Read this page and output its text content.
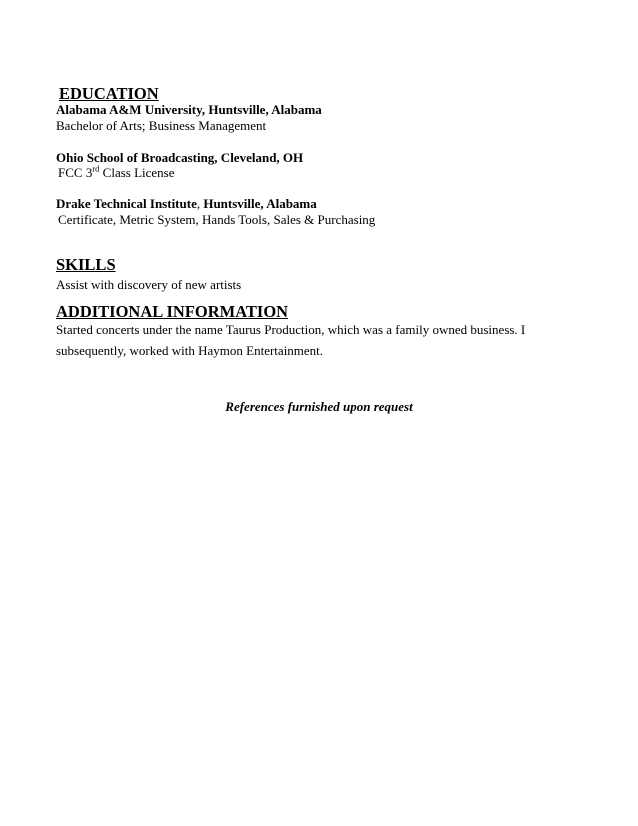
EDUCATION
Alabama A&M University, Huntsville, Alabama
Bachelor of Arts; Business Management
Ohio School of Broadcasting, Cleveland, OH
FCC 3rd Class License
Drake Technical Institute, Huntsville, Alabama
Certificate, Metric System, Hands Tools, Sales & Purchasing
SKILLS
Assist with discovery of new artists
ADDITIONAL INFORMATION
Started concerts under the name Taurus Production, which was a family owned business. I subsequently, worked with Haymon Entertainment.
References furnished upon request
